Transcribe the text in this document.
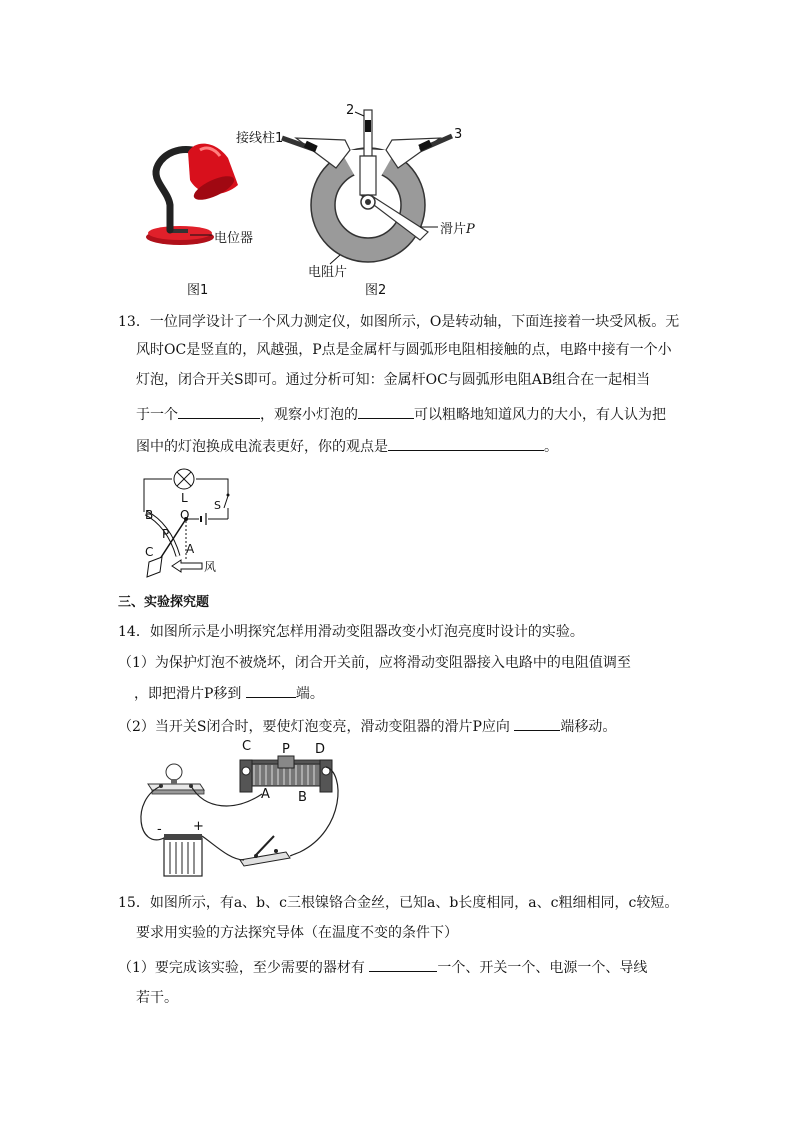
电位器
图1
接线柱1
2
3
滑片P
电阻片
图2
13．一位同学设计了一个风力测定仪，如图所示，O是转动轴，下面连接着一块受风板。无
风时OC是竖直的，风越强，P点是金属杆与圆弧形电阻相接触的点，电路中接有一个小
灯泡，闭合开关S即可。通过分析可知：金属杆OC与圆弧形电阻AB组合在一起相当
于一个	，观察小灯泡的	可以粗略地知道风力的大小，有人认为把
图中的灯泡换成电流表更好，你的观点是	。
L
S
B O
P
C	A
风
三、实验探究题
14．如图所示是小明探究怎样用滑动变阻器改变小灯泡亮度时设计的实验。
（1）为保护灯泡不被烧坏，闭合开关前，应将滑动变阻器接入电路中的电阻值调至
，即把滑片P移到	端。
（2）当开关S闭合时，要使灯泡变亮，滑动变阻器的滑片P应向	端移动。
C P D
A B
- +
15．如图所示，有a、b、c三根镍铬合金丝，已知a、b长度相同，a、c粗细相同，c较短。
要求用实验的方法探究导体（在温度不变的条件下）
（1）要完成该实验，至少需要的器材有	一个、开关一个、电源一个、导线
若干。
